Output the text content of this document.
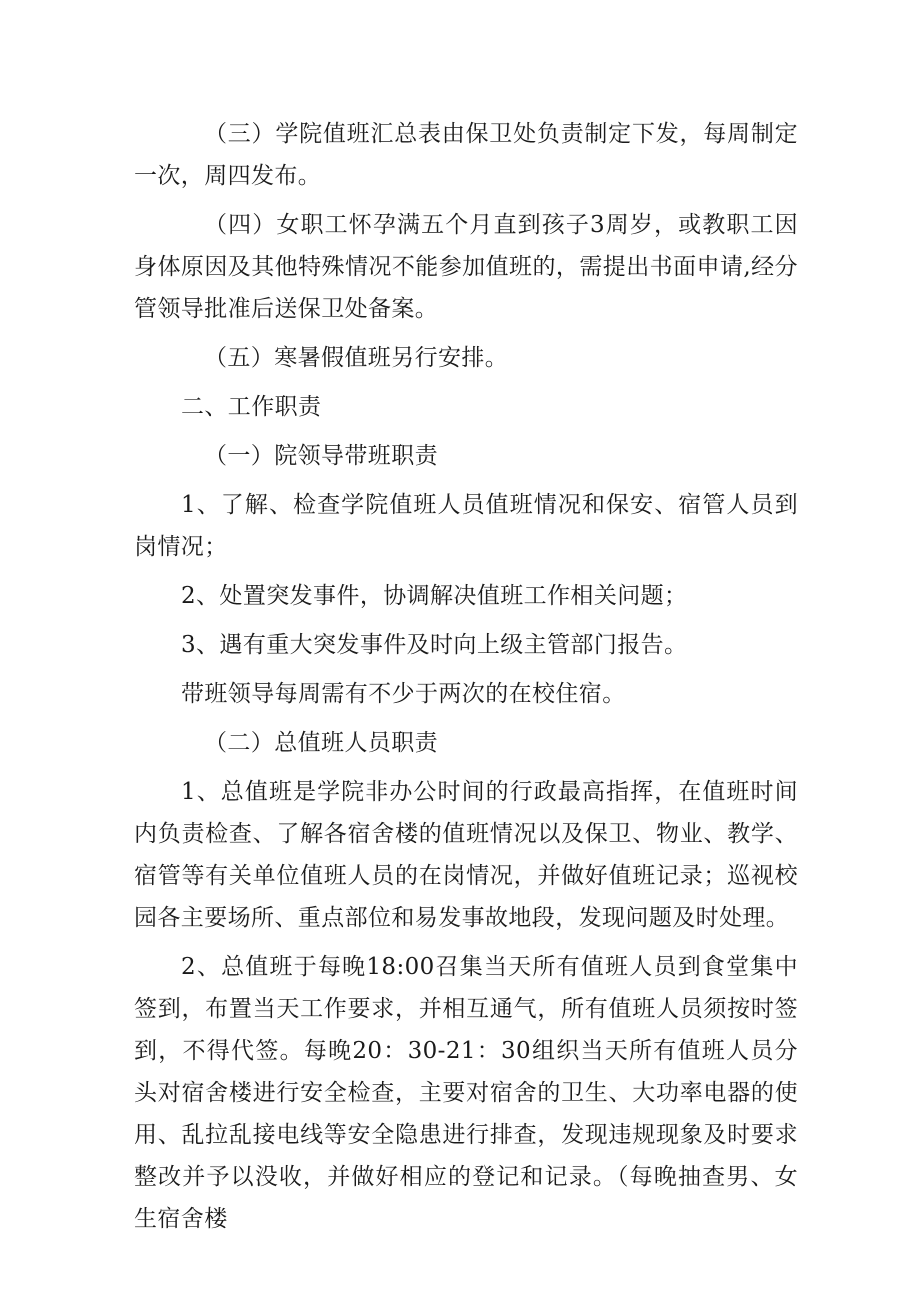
（三）学院值班汇总表由保卫处负责制定下发，每周制定一次，周四发布。

（四）女职工怀孕满五个月直到孩子3周岁，或教职工因身体原因及其他特殊情况不能参加值班的，需提出书面申请,经分管领导批准后送保卫处备案。

（五）寒暑假值班另行安排。

二、工作职责

（一）院领导带班职责

1、了解、检查学院值班人员值班情况和保安、宿管人员到岗情况；

2、处置突发事件，协调解决值班工作相关问题；

3、遇有重大突发事件及时向上级主管部门报告。

带班领导每周需有不少于两次的在校住宿。

（二）总值班人员职责

1、总值班是学院非办公时间的行政最高指挥，在值班时间内负责检查、了解各宿舍楼的值班情况以及保卫、物业、教学、宿管等有关单位值班人员的在岗情况，并做好值班记录；巡视校园各主要场所、重点部位和易发事故地段，发现问题及时处理。

2、总值班于每晚18:00召集当天所有值班人员到食堂集中签到，布置当天工作要求，并相互通气，所有值班人员须按时签到，不得代签。每晚20：30-21：30组织当天所有值班人员分头对宿舍楼进行安全检查，主要对宿舍的卫生、大功率电器的使用、乱拉乱接电线等安全隐患进行排查，发现违规现象及时要求整改并予以没收，并做好相应的登记和记录。（每晚抽查男、女生宿舍楼
